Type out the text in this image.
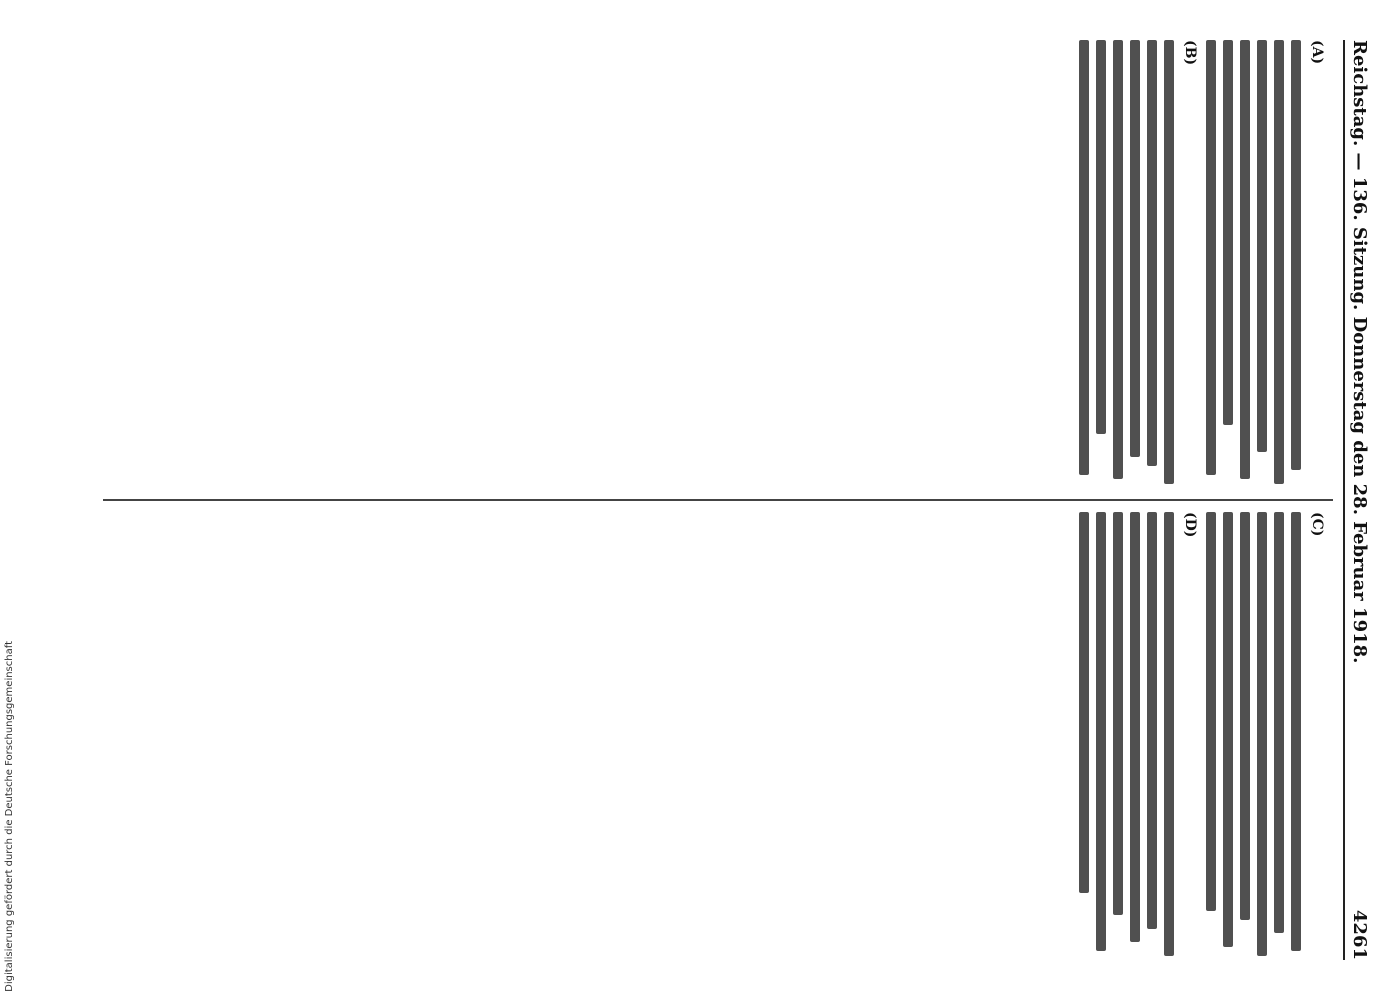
Reichstag. — 136. Sitzung. Donnerstag den 28. Februar 1918.
4261
(A)
(B)
(C)
(D)
Digitalisierung gefördert durch die Deutsche Forschungsgemeinschaft
